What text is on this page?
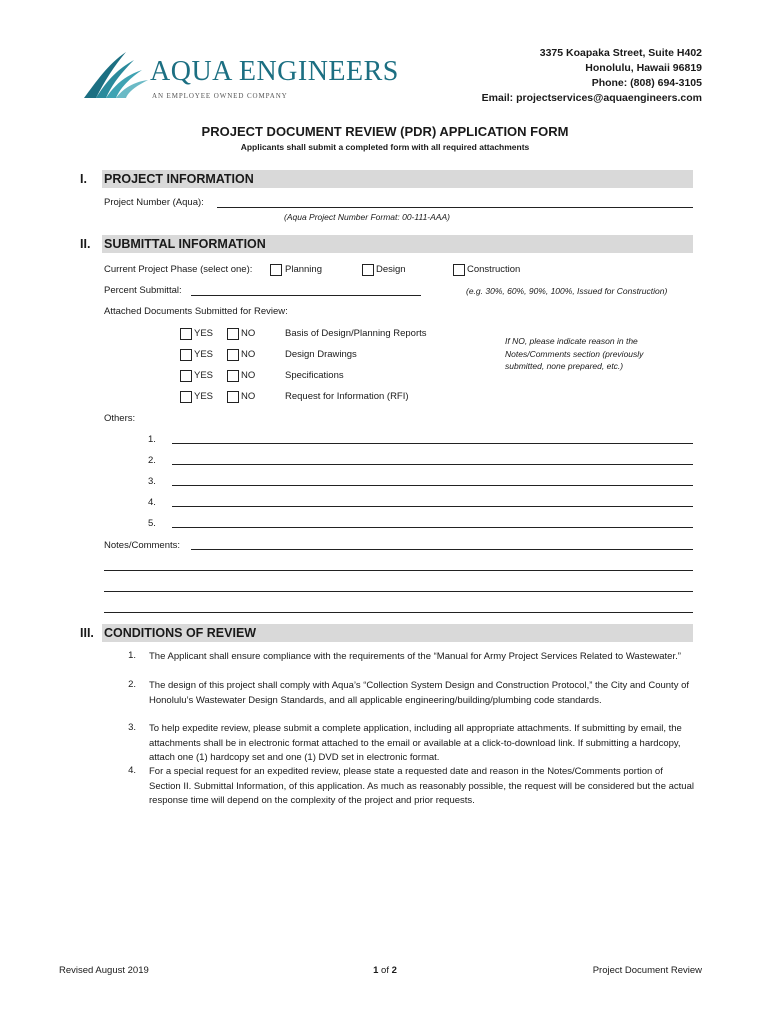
AQUA ENGINEERS
AN EMPLOYEE OWNED COMPANY
3375 Koapaka Street, Suite H402
Honolulu, Hawaii 96819
Phone: (808) 694-3105
Email: projectservices@aquaengineers.com
PROJECT DOCUMENT REVIEW (PDR) APPLICATION FORM
Applicants shall submit a completed form with all required attachments
I. PROJECT INFORMATION
Project Number (Aqua):
(Aqua Project Number Format: 00-111-AAA)
II. SUBMITTAL INFORMATION
Current Project Phase (select one):	Planning	Design	Construction
Percent Submittal:	(e.g. 30%, 60%, 90%, 100%, Issued for Construction)
Attached Documents Submitted for Review:
YES	NO	Basis of Design/Planning Reports
YES	NO	Design Drawings
YES	NO	Specifications
YES	NO	Request for Information (RFI)
If NO, please indicate reason in the Notes/Comments section (previously submitted, none prepared, etc.)
Others:
1.
2.
3.
4.
5.
Notes/Comments:
III. CONDITIONS OF REVIEW
1. The Applicant shall ensure compliance with the requirements of the “Manual for Army Project Services Related to Wastewater.”
2. The design of this project shall comply with Aqua’s “Collection System Design and Construction Protocol,” the City and County of Honolulu’s Wastewater Design Standards, and all applicable engineering/building/plumbing code standards.
3. To help expedite review, please submit a complete application, including all appropriate attachments. If submitting by email, the attachments shall be in electronic format attached to the email or available at a click-to-download link. If submitting a hardcopy, attach one (1) hardcopy set and one (1) DVD set in electronic format.
4. For a special request for an expedited review, please state a requested date and reason in the Notes/Comments portion of Section II. Submittal Information, of this application. As much as reasonably possible, the request will be considered but the actual response time will depend on the complexity of the project and prior requests.
Revised August 2019	1 of 2	Project Document Review
